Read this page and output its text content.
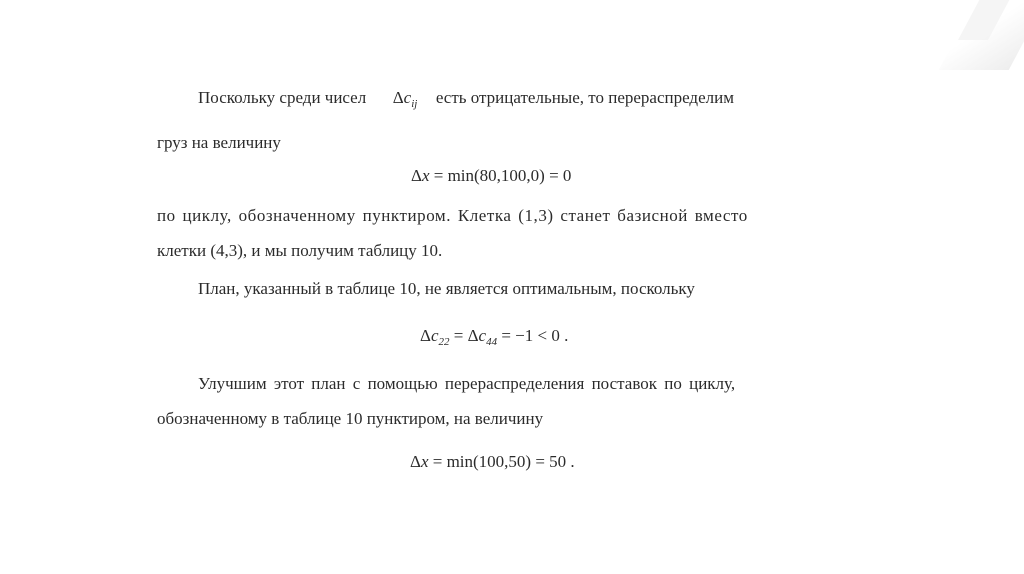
Поскольку среди чисел $\Delta c_{ij}$ есть отрицательные, то перераспределим
груз на величину
Δx = min(80,100,0) = 0
по циклу, обозначенному пунктиром. Клетка (1,3) станет базисной вместо
клетки (4,3), и мы получим таблицу 10.
План, указанный в таблице 10, не является оптимальным, поскольку
$\Delta c_{22} = \Delta c_{44} = -1 < 0$ .
Улучшим этот план с помощью перераспределения поставок по циклу,
обозначенному в таблице 10 пунктиром, на величину
Δx = min(100,50) = 50 .
